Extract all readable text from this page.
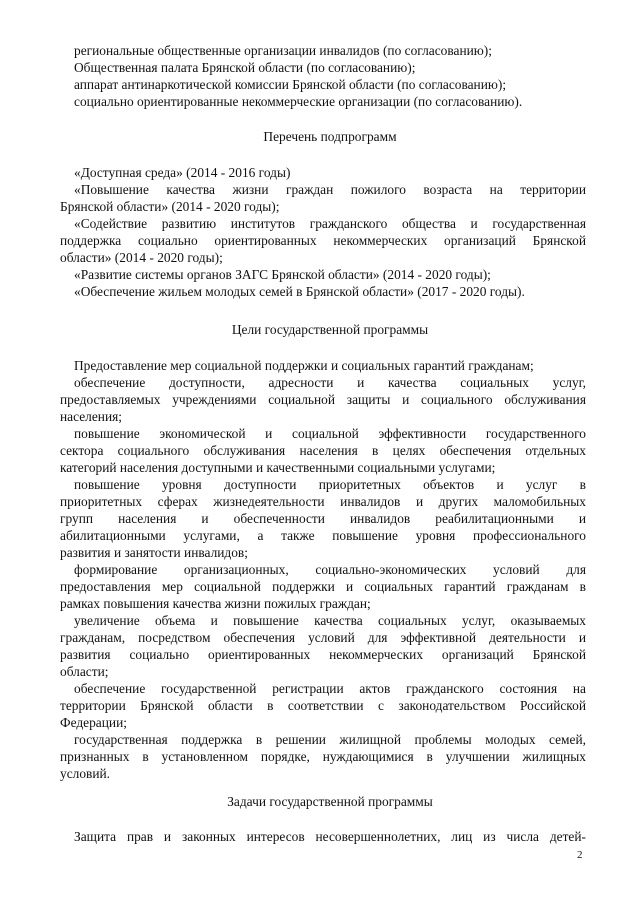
региональные общественные организации инвалидов (по согласованию);
Общественная палата Брянской области (по согласованию);
аппарат антинаркотической комиссии Брянской области (по согласованию);
социально ориентированные некоммерческие организации (по согласованию).
Перечень подпрограмм
«Доступная среда» (2014 - 2016 годы)
«Повышение качества жизни граждан пожилого возраста на территории
Брянской области» (2014 - 2020 годы);
«Содействие развитию институтов гражданского общества и государственная
поддержка социально ориентированных некоммерческих организаций Брянской
области» (2014 - 2020 годы);
«Развитие системы органов ЗАГС Брянской области» (2014 - 2020 годы);
«Обеспечение жильем молодых семей в Брянской области» (2017 - 2020 годы).
Цели государственной программы
Предоставление мер социальной поддержки и социальных гарантий гражданам;
обеспечение доступности, адресности и качества социальных услуг,
предоставляемых учреждениями социальной защиты и социального обслуживания
населения;
повышение экономической и социальной эффективности государственного
сектора социального обслуживания населения в целях обеспечения отдельных
категорий населения доступными и качественными социальными услугами;
повышение уровня доступности приоритетных объектов и услуг в
приоритетных сферах жизнедеятельности инвалидов и других маломобильных
групп населения и обеспеченности инвалидов реабилитационными и
абилитационными услугами, а также повышение уровня профессионального
развития и занятости инвалидов;
формирование организационных, социально-экономических условий для
предоставления мер социальной поддержки и социальных гарантий гражданам в
рамках повышения качества жизни пожилых граждан;
увеличение объема и повышение качества социальных услуг, оказываемых
гражданам, посредством обеспечения условий для эффективной деятельности и
развития социально ориентированных некоммерческих организаций Брянской
области;
обеспечение государственной регистрации актов гражданского состояния на
территории Брянской области в соответствии с законодательством Российской
Федерации;
государственная поддержка в решении жилищной проблемы молодых семей,
признанных в установленном порядке, нуждающимися в улучшении жилищных
условий.
Задачи государственной программы
Защита прав и законных интересов несовершеннолетних, лиц из числа детей-
2
